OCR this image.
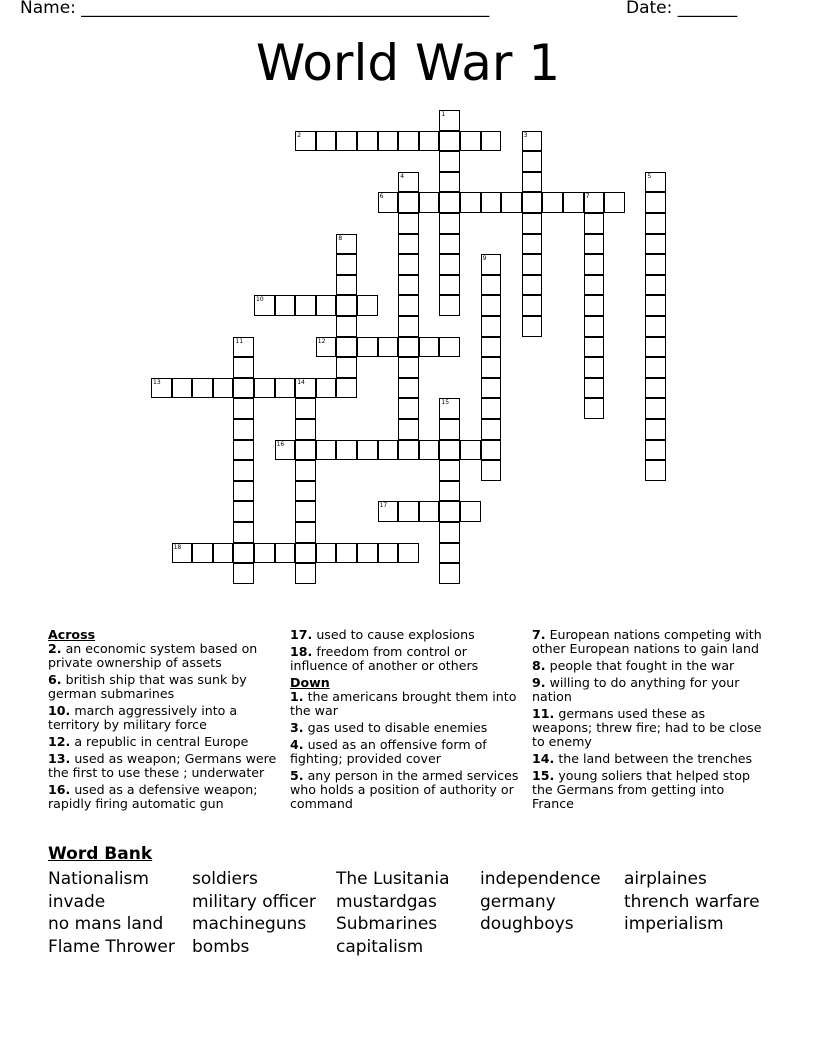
Name: ________________________________________________	Date: _______
World War 1
1
2	3
4	5
6	7
8
9
10
11	12
13	14
15
16
17
18
Across
2. an economic system based on private ownership of assets
6. british ship that was sunk by german submarines
10. march aggressively into a territory by military force
12. a republic in central Europe
13. used as weapon; Germans were the first to use these ; underwater
16. used as a defensive weapon; rapidly firing automatic gun
17. used to cause explosions
18. freedom from control or influence of another or others
Down
1. the americans brought them into the war
3. gas used to disable enemies
4. used as an offensive form of fighting; provided cover
5. any person in the armed services who holds a position of authority or command
7. European nations competing with other European nations to gain land
8. people that fought in the war
9. willing to do anything for your nation
11. germans used these as weapons; threw fire; had to be close to enemy
14. the land between the trenches
15. young soliers that helped stop the Germans from getting into France
Word Bank
Nationalism
invade
no mans land
Flame Thrower
soldiers
military officer
machineguns
bombs
The Lusitania
mustardgas
Submarines
capitalism
independence
germany
doughboys
airplaines
thrench warfare
imperialism
